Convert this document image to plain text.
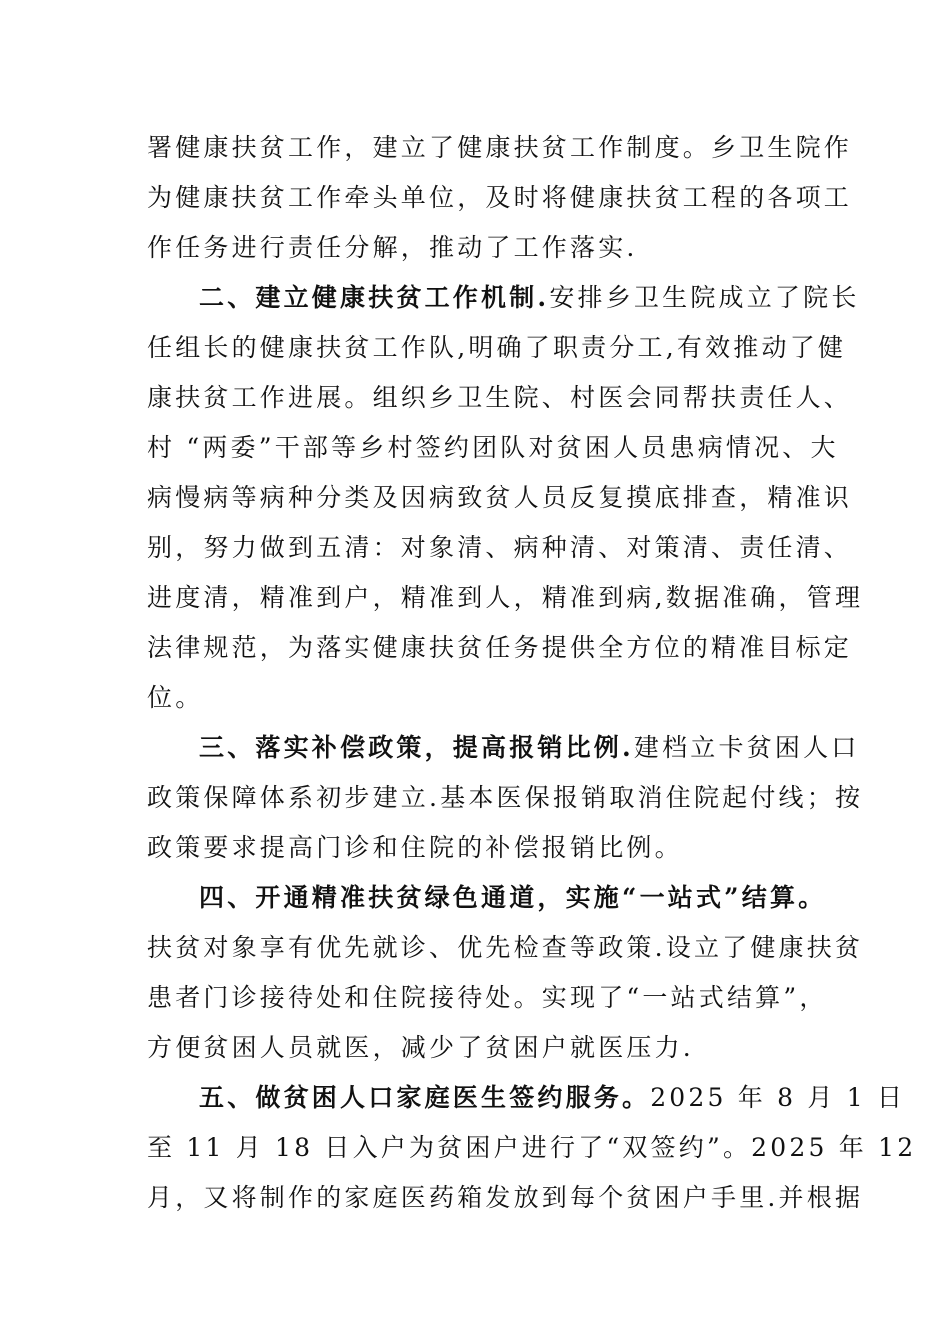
署健康扶贫工作，建立了健康扶贫工作制度。乡卫生院作
为健康扶贫工作牵头单位，及时将健康扶贫工程的各项工
作任务进行责任分解，推动了工作落实.
二、建立健康扶贫工作机制.安排乡卫生院成立了院长
任组长的健康扶贫工作队,明确了职责分工,有效推动了健
康扶贫工作进展。组织乡卫生院、村医会同帮扶责任人、
村 “两委”干部等乡村签约团队对贫困人员患病情况、大
病慢病等病种分类及因病致贫人员反复摸底排查，精准识
别，努力做到五清：对象清、病种清、对策清、责任清、
进度清，精准到户，精准到人，精准到病,数据准确，管理
法律规范，为落实健康扶贫任务提供全方位的精准目标定
位。
三、落实补偿政策，提高报销比例.建档立卡贫困人口
政策保障体系初步建立.基本医保报销取消住院起付线；按
政策要求提高门诊和住院的补偿报销比例。
四、开通精准扶贫绿色通道，实施“一站式”结算。
扶贫对象享有优先就诊、优先检查等政策.设立了健康扶贫
患者门诊接待处和住院接待处。实现了“一站式结算”，
方便贫困人员就医，减少了贫困户就医压力.
五、做贫困人口家庭医生签约服务。2025 年 8 月 1 日
至 11 月 18 日入户为贫困户进行了“双签约”。2025 年 12
月，又将制作的家庭医药箱发放到每个贫困户手里.并根据
